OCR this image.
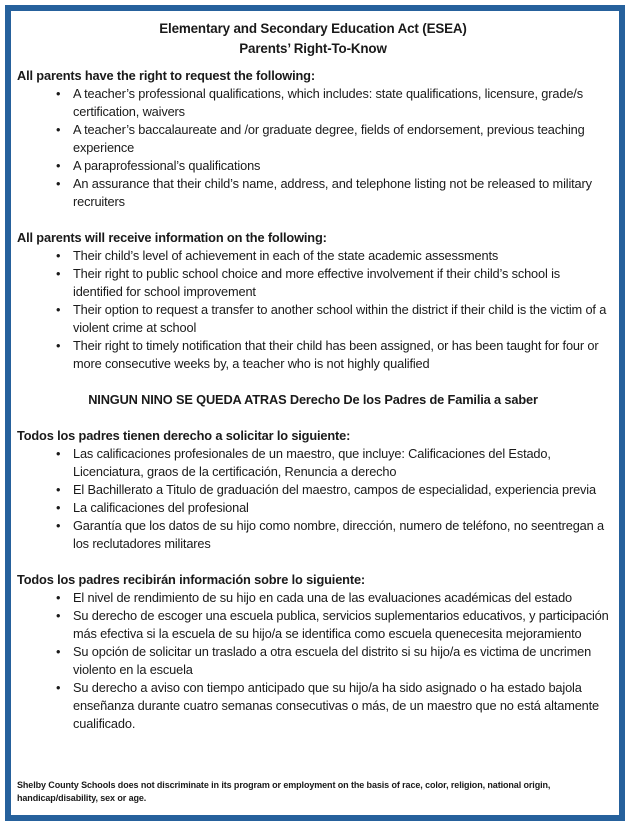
Elementary and Secondary Education Act (ESEA)
Parents’ Right-To-Know
All parents have the right to request the following:
• A teacher’s professional qualifications, which includes: state qualifications, licensure, grade/s certification, waivers
• A teacher’s baccalaureate and /or graduate degree, fields of endorsement, previous teaching experience
• A paraprofessional’s qualifications
• An assurance that their child’s name, address, and telephone listing not be released to military recruiters
All parents will receive information on the following:
• Their child’s level of achievement in each of the state academic assessments
• Their right to public school choice and more effective involvement if their child’s school is identified for school improvement
• Their option to request a transfer to another school within the district if their child is the victim of a violent crime at school
• Their right to timely notification that their child has been assigned, or has been taught for four or more consecutive weeks by, a teacher who is not highly qualified
NINGUN NINO SE QUEDA ATRAS Derecho De los Padres de Familia a saber
Todos los padres tienen derecho a solicitar lo siguiente:
• Las calificaciones profesionales de un maestro, que incluye: Calificaciones del Estado, Licenciatura, graos de la certificación, Renuncia a derecho
• El Bachillerato a Titulo de graduación del maestro, campos de especialidad, experiencia previa
• La calificaciones del profesional
• Garantía que los datos de su hijo como nombre, dirección, numero de teléfono, no seentregan a los reclutadores militares
Todos los padres recibirán información sobre lo siguiente:
• El nivel de rendimiento de su hijo en cada una de las evaluaciones académicas del estado
• Su derecho de escoger una escuela publica, servicios suplementarios educativos, y participación más efectiva si la escuela de su hijo/a se identifica como escuela quenecesita mejoramiento
• Su opción de solicitar un traslado a otra escuela del distrito si su hijo/a es victima de uncrimen violento en la escuela
• Su derecho a aviso con tiempo anticipado que su hijo/a ha sido asignado o ha estado bajola enseñanza durante cuatro semanas consecutivas o más, de un maestro que no está altamente cualificado.
Shelby County Schools does not discriminate in its program or employment on the basis of race, color, religion, national origin, handicap/disability, sex or age.
